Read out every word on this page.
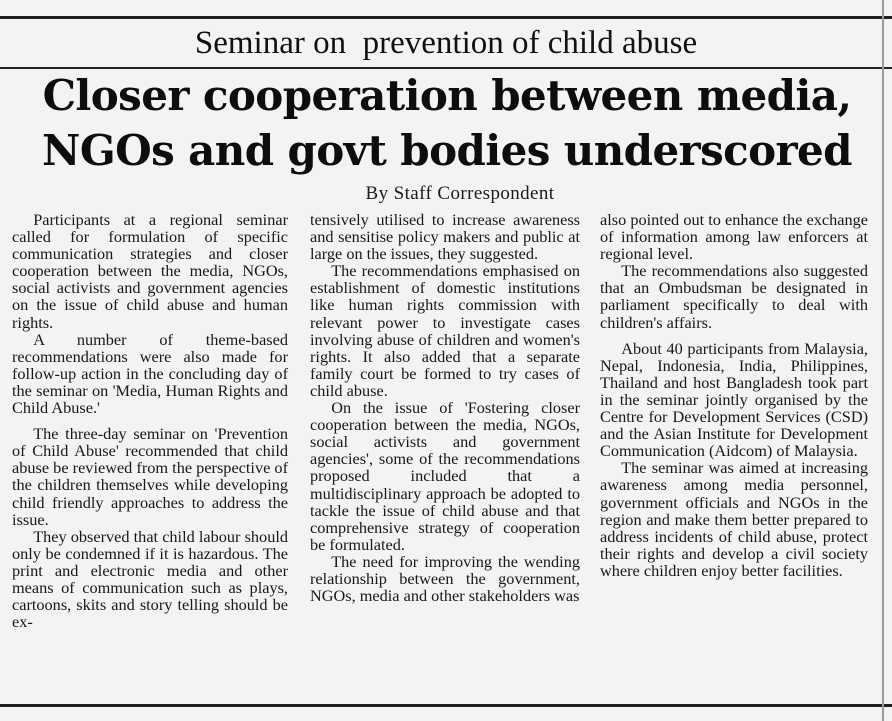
Seminar on  prevention of child abuse
Closer cooperation between media,
NGOs and govt bodies underscored
By Staff Correspondent

Participants at a regional seminar called for formulation of specific communication strategies and closer cooperation between the media, NGOs, social activists and government agencies on the issue of child abuse and human rights.

A number of theme-based recommendations were also made for follow-up action in the concluding day of the seminar on 'Media, Human Rights and Child Abuse.'

The three-day seminar on 'Prevention of Child Abuse' recommended that child abuse be reviewed from the perspective of the children themselves while developing child friendly approaches to address the issue.

They observed that child labour should only be condemned if it is hazardous. The print and electronic media and other means of communication such as plays, cartoons, skits and story telling should be ex-

tensively utilised to increase awareness and sensitise policy makers and public at large on the issues, they suggested.

The recommendations emphasised on establishment of domestic institutions like human rights commission with relevant power to investigate cases involving abuse of children and women's rights. It also added that a separate family court be formed to try cases of child abuse.

On the issue of 'Fostering closer cooperation between the media, NGOs, social activists and government agencies', some of the recommendations proposed included that a multidisciplinary approach be adopted to tackle the issue of child abuse and that comprehensive strategy of cooperation be formulated.

The need for improving the wending relationship between the government, NGOs, media and other stakeholders was

also pointed out to enhance the exchange of information among law enforcers at regional level.

The recommendations also suggested that an Ombudsman be designated in parliament specifically to deal with children's affairs.

About 40 participants from Malaysia, Nepal, Indonesia, India, Philippines, Thailand and host Bangladesh took part in the seminar jointly organised by the Centre for Development Services (CSD) and the Asian Institute for Development Communication (Aidcom) of Malaysia.

The seminar was aimed at increasing awareness among media personnel, government officials and NGOs in the region and make them better prepared to address incidents of child abuse, protect their rights and develop a civil society where children enjoy better facilities.
